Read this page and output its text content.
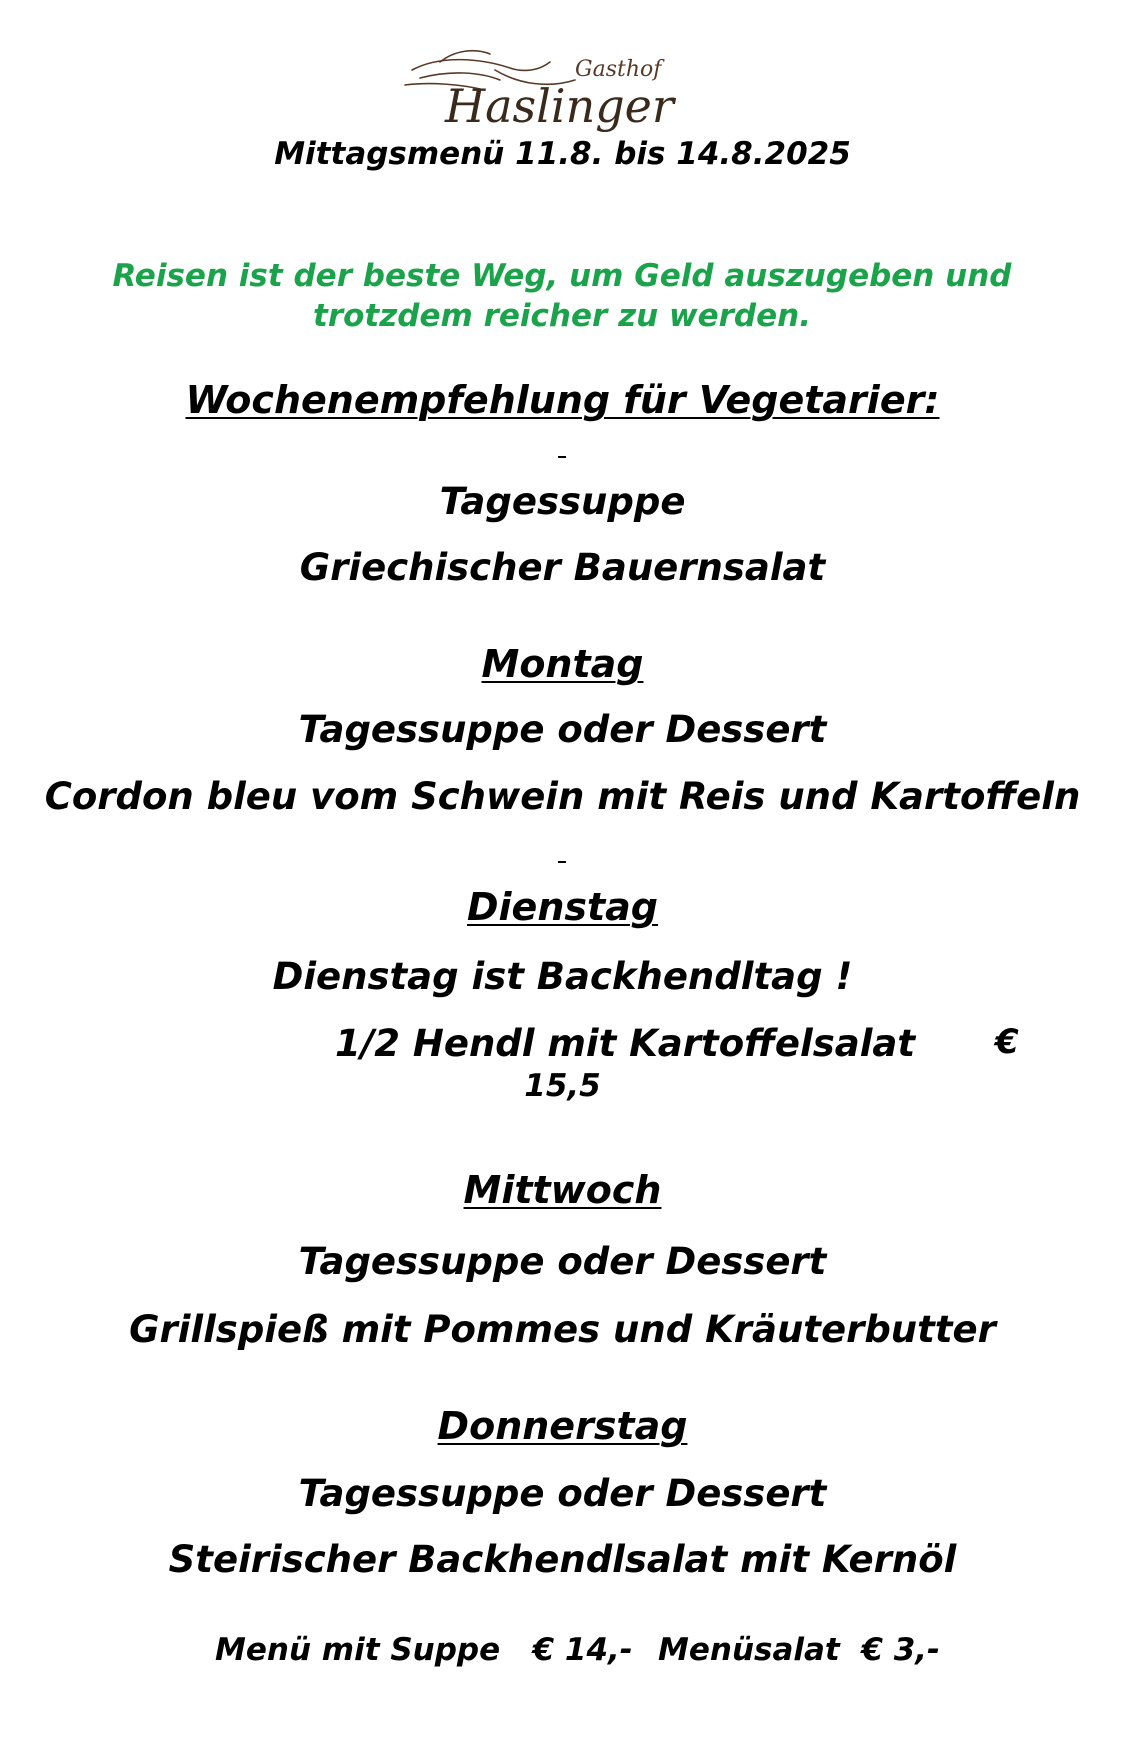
Gasthof
Haslinger
Mittagsmenü 11.8. bis 14.8.2025
Reisen ist der beste Weg, um Geld auszugeben und trotzdem reicher zu werden.
Wochenempfehlung für Vegetarier:
Tagessuppe
Griechischer Bauernsalat
Montag
Tagessuppe oder Dessert
Cordon bleu vom Schwein mit Reis und Kartoffeln
Dienstag
Dienstag ist Backhendltag !
1/2 Hendl mit Kartoffelsalat €
15,5
Mittwoch
Tagessuppe oder Dessert
Grillspieß mit Pommes und Kräuterbutter
Donnerstag
Tagessuppe oder Dessert
Steirischer Backhendlsalat mit Kernöl
Menü mit Suppe   € 14,- Menüsalat  € 3,-
